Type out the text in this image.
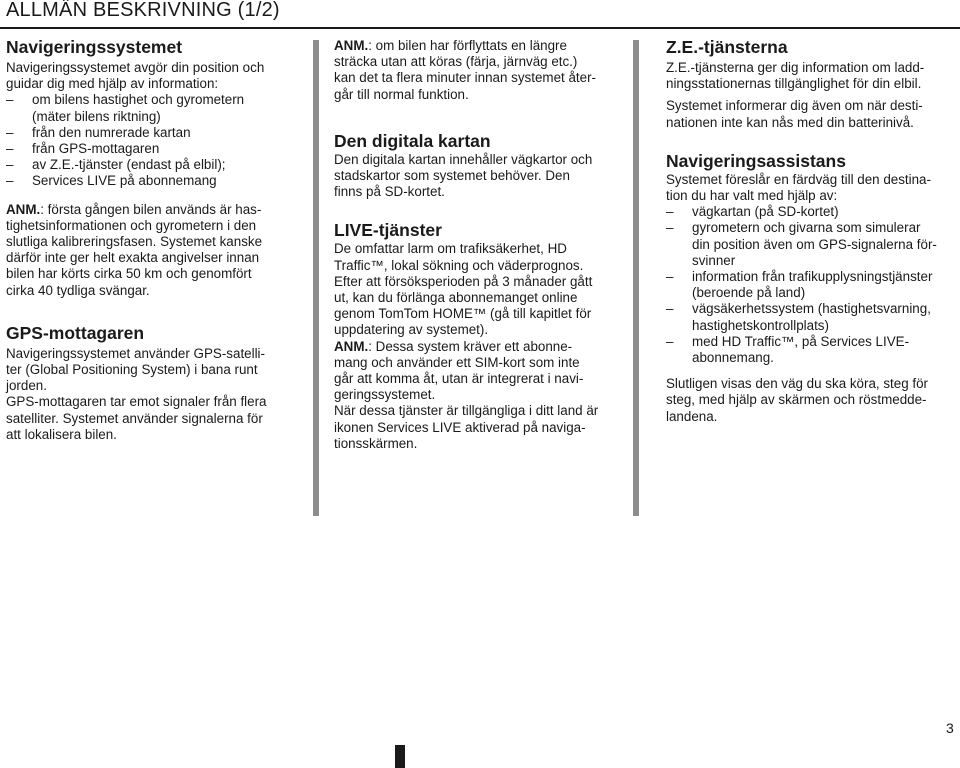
ALLMÄN BESKRIVNING (1/2)
Navigeringssystemet

Navigeringssystemet avgör din position och
guidar dig med hjälp av information:

– om bilens hastighet och gyrometern
(mäter bilens riktning)
– från den numrerade kartan
– från GPS-mottagaren
– av Z.E.-tjänster (endast på elbil);
– Services LIVE på abonnemang

ANM.: första gången bilen används är has-
tighetsinformationen och gyrometern i den
slutliga kalibreringsfasen. Systemet kanske
därför inte ger helt exakta angivelser innan
bilen har körts cirka 50 km och genomfört
cirka 40 tydliga svängar.

GPS-mottagaren

Navigeringssystemet använder GPS-satelli-
ter (Global Positioning System) i bana runt
jorden.

GPS-mottagaren tar emot signaler från flera
satelliter. Systemet använder signalerna för
att lokalisera bilen.

ANM.: om bilen har förflyttats en längre
sträcka utan att köras (färja, järnväg etc.)
kan det ta flera minuter innan systemet åter-
går till normal funktion.

Den digitala kartan

Den digitala kartan innehåller vägkartor och
stadskartor som systemet behöver. Den
finns på SD-kortet.

LIVE-tjänster

De omfattar larm om trafiksäkerhet, HD
Traffic™, lokal sökning och väderprognos.
Efter att försöksperioden på 3 månader gått
ut, kan du förlänga abonnemanget online
genom TomTom HOME™ (gå till kapitlet för
uppdatering av systemet).
ANM.: Dessa system kräver ett abonne-
mang och använder ett SIM-kort som inte
går att komma åt, utan är integrerat i navi-
geringssystemet.
När dessa tjänster är tillgängliga i ditt land är
ikonen Services LIVE aktiverad på naviga-
tionsskärmen.

Z.E.-tjänsterna

Z.E.-tjänsterna ger dig information om ladd-
ningsstationernas tillgänglighet för din elbil.

Systemet informerar dig även om när desti-
nationen inte kan nås med din batterinivå.

Navigeringsassistans

Systemet föreslår en färdväg till den destina-
tion du har valt med hjälp av:

– vägkartan (på SD-kortet)
– gyrometern och givarna som simulerar
din position även om GPS-signalerna för-
svinner
– information från trafikupplysningstjänster
(beroende på land)
– vägsäkerhetssystem (hastighetsvarning,
hastighetskontrollplats)
– med HD Traffic™, på Services LIVE-
abonnemang.

Slutligen visas den väg du ska köra, steg för
steg, med hjälp av skärmen och röstmedde-
landena.

3
